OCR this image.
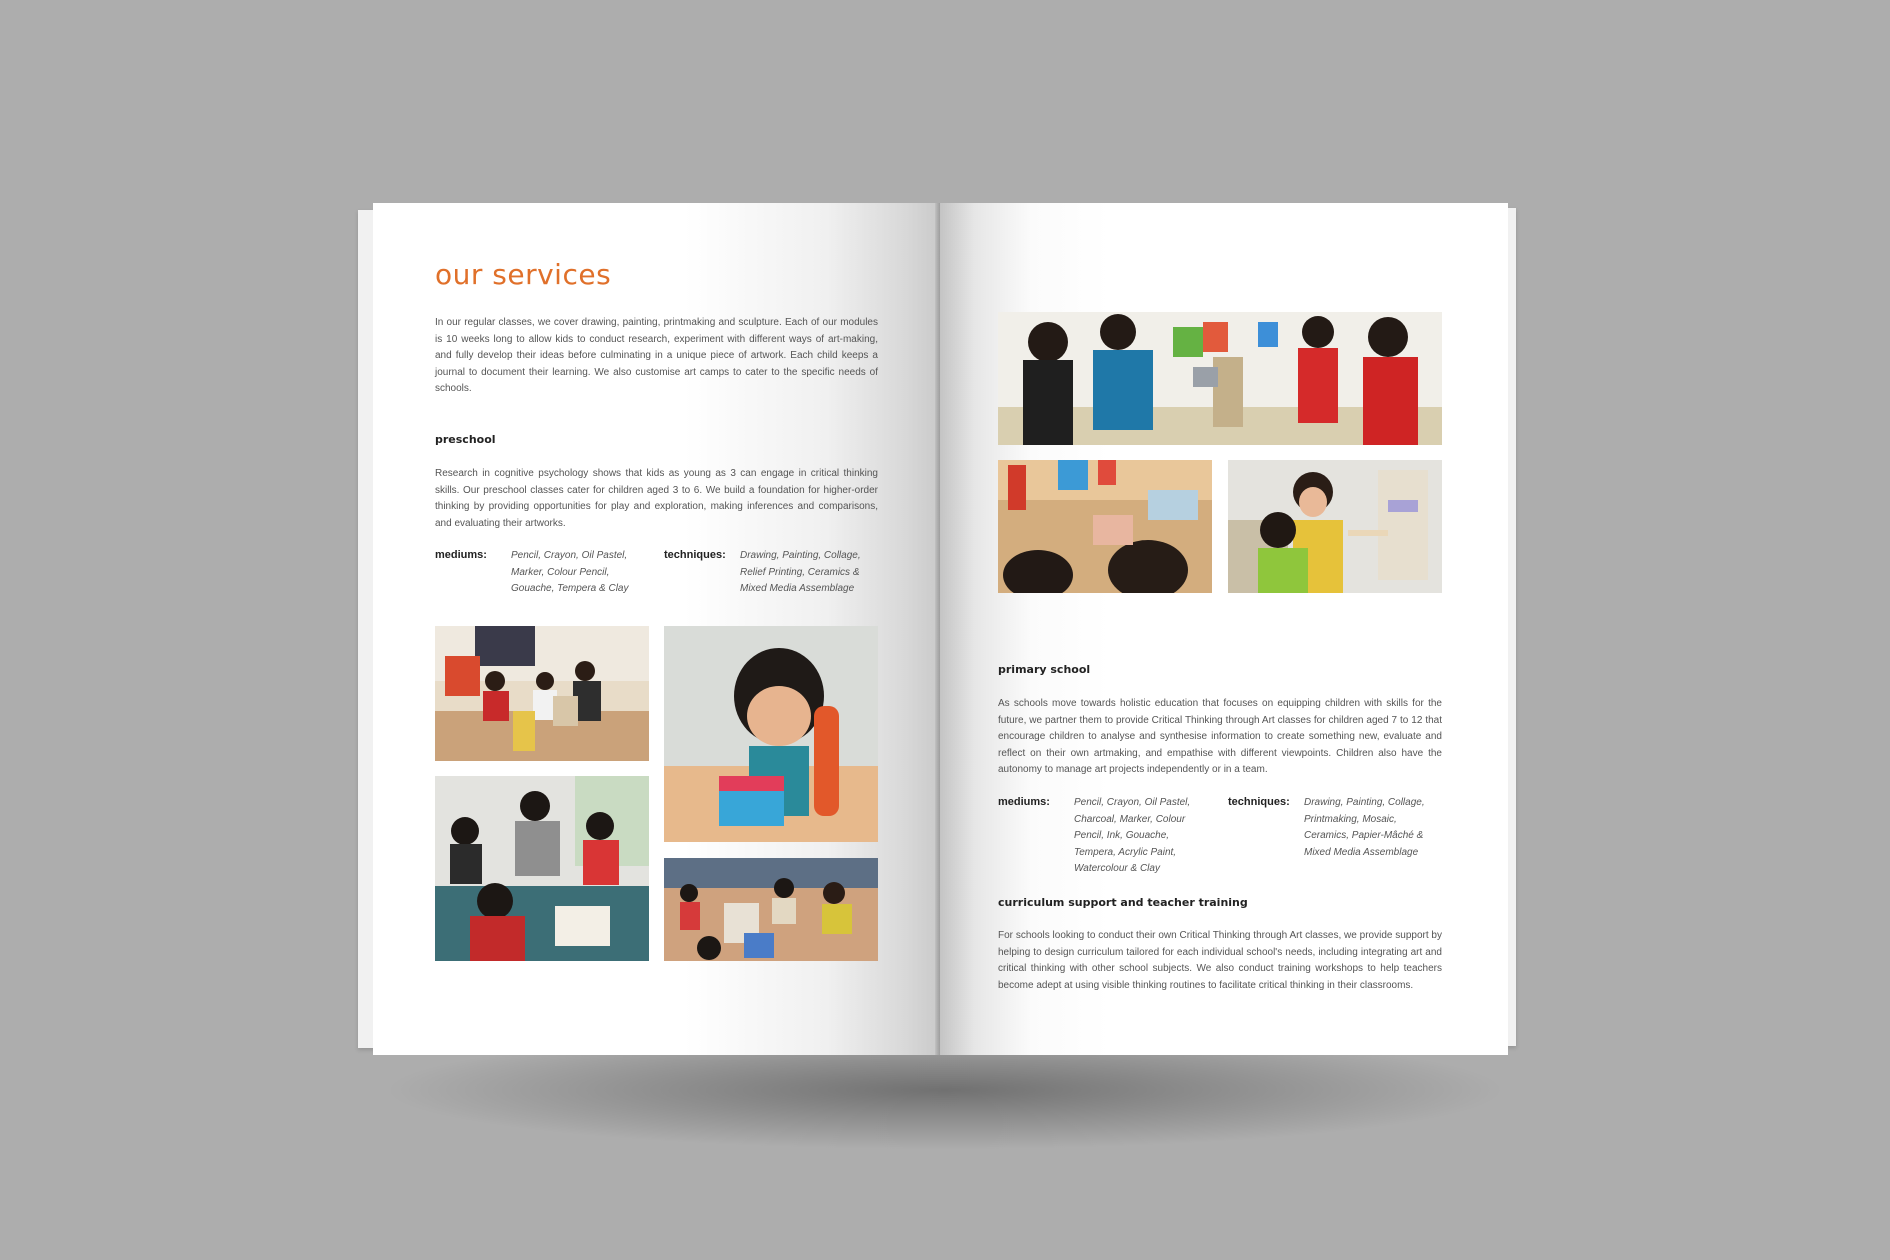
our services

In our regular classes, we cover drawing, painting, printmaking and sculpture. Each of our modules is 10 weeks long to allow kids to conduct research, experiment with different ways of art-making, and fully develop their ideas before culminating in a unique piece of artwork. Each child keeps a journal to document their learning. We also customise art camps to cater to the specific needs of schools.

preschool

Research in cognitive psychology shows that kids as young as 3 can engage in critical thinking skills. Our preschool classes cater for children aged 3 to 6. We build a foundation for higher-order thinking by providing opportunities for play and exploration, making inferences and comparisons, and evaluating their artworks.

mediums: Pencil, Crayon, Oil Pastel,
Marker, Colour Pencil,
Gouache, Tempera & Clay
techniques: Drawing, Painting, Collage,
Relief Printing, Ceramics &
Mixed Media Assemblage
primary school

As schools move towards holistic education that focuses on equipping children with skills for the future, we partner them to provide Critical Thinking through Art classes for children aged 7 to 12 that encourage children to analyse and synthesise information to create something new, evaluate and reflect on their own artmaking, and empathise with different viewpoints. Children also have the autonomy to manage art projects independently or in a team.

mediums: Pencil, Crayon, Oil Pastel,
Charcoal, Marker, Colour
Pencil, Ink, Gouache,
Tempera, Acrylic Paint,
Watercolour & Clay
techniques: Drawing, Painting, Collage,
Printmaking, Mosaic,
Ceramics, Papier-Mâché &
Mixed Media Assemblage
curriculum support and teacher training

For schools looking to conduct their own Critical Thinking through Art classes, we provide support by helping to design curriculum tailored for each individual school's needs, including integrating art and critical thinking with other school subjects. We also conduct training workshops to help teachers become adept at using visible thinking routines to facilitate critical thinking in their classrooms.
